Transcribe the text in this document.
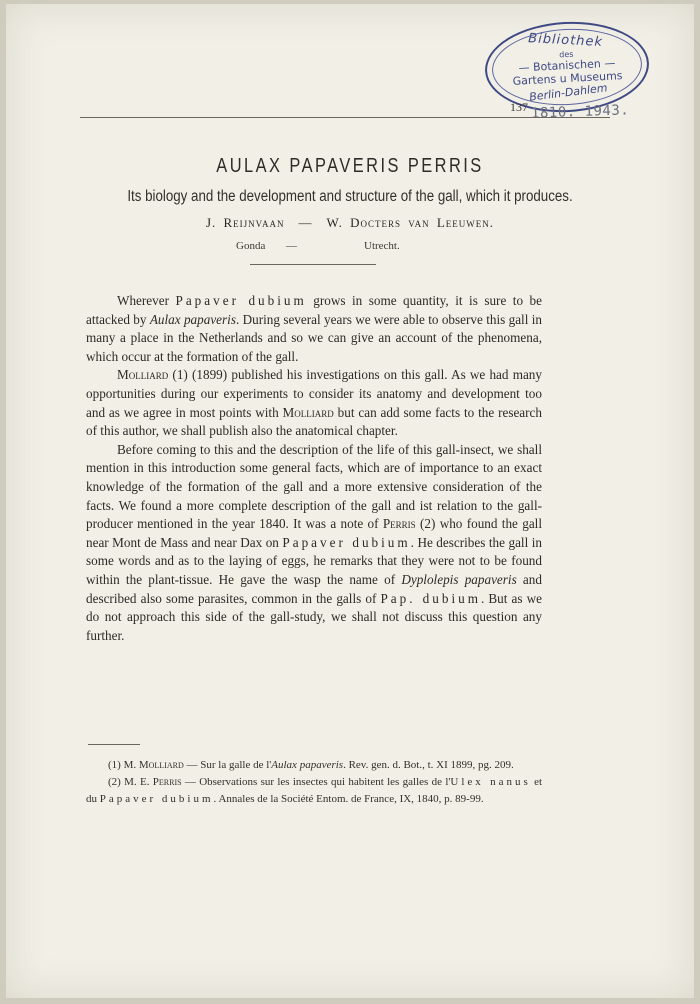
Bibliothek
des
— Botanischen —
Gartens u Museums
Berlin-Dahlem
137 1810. 1943.
AULAX PAPAVERIS PERRIS
Its biology and the development and structure of the gall, which it produces.
J. Reijnvaan — W. Docters van Leeuwen.
Gonda —	Utrecht.

Wherever Papaver dubium grows in some quantity, it is sure to be attacked by Aulax papaveris. During several years we were able to observe this gall in many a place in the Netherlands and so we can give an account of the phenomena, which occur at the formation of the gall.

Molliard (1) (1899) published his investigations on this gall. As we had many opportunities during our experiments to consider its anatomy and development too and as we agree in most points with Molliard but can add some facts to the research of this author, we shall publish also the anatomical chapter.

Before coming to this and the description of the life of this gall-insect, we shall mention in this introduction some general facts, which are of importance to an exact knowledge of the formation of the gall and a more extensive consideration of the facts. We found a more complete description of the gall and ist relation to the gall-producer mentioned in the year 1840. It was a note of Perris (2) who found the gall near Mont de Mass and near Dax on Papaver dubium. He describes the gall in some words and as to the laying of eggs, he remarks that they were not to be found within the plant-tissue. He gave the wasp the name of Dyplolepis papaveris and described also some parasites, common in the galls of Pap. dubium. But as we do not approach this side of the gall-study, we shall not discuss this question any further.

(1) M. Molliard — Sur la galle de l'Aulax papaveris. Rev. gen. d. Bot., t. XI 1899, pg. 209.

(2) M. E. Perris — Observations sur les insectes qui habitent les galles de l'Ulex nanus et du Papaver dubium. Annales de la Société Entom. de France, IX, 1840, p. 89-99.
